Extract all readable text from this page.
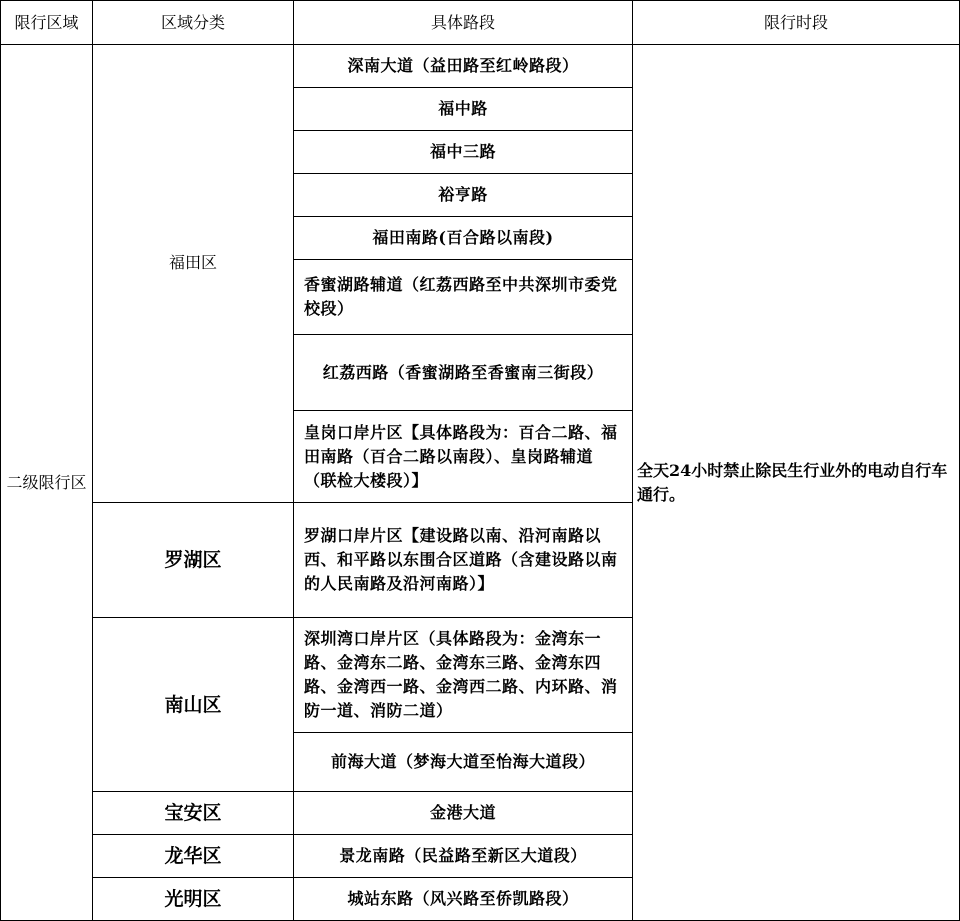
限行区域	区域分类	具体路段	限行时段
二级限行区	福田区	深南大道（益田路至红岭路段）	全天24小时禁止除民生行业外的电动自行车通行。
		福中路	
		福中三路	
		裕亨路	
		福田南路(百合路以南段)	
		香蜜湖路辅道（红荔西路至中共深圳市委党校段）	
		红荔西路（香蜜湖路至香蜜南三街段）	
		皇岗口岸片区【具体路段为：百合二路、福田南路（百合二路以南段）、皇岗路辅道（联检大楼段）】	
	罗湖区	罗湖口岸片区【建设路以南、沿河南路以西、和平路以东围合区道路（含建设路以南的人民南路及沿河南路）】	
	南山区	深圳湾口岸片区（具体路段为：金湾东一路、金湾东二路、金湾东三路、金湾东四路、金湾西一路、金湾西二路、内环路、消防一道、消防二道）	
		前海大道（梦海大道至怡海大道段）	
	宝安区	金港大道	
	龙华区	景龙南路（民益路至新区大道段）	
	光明区	城站东路（风兴路至侨凯路段）	
